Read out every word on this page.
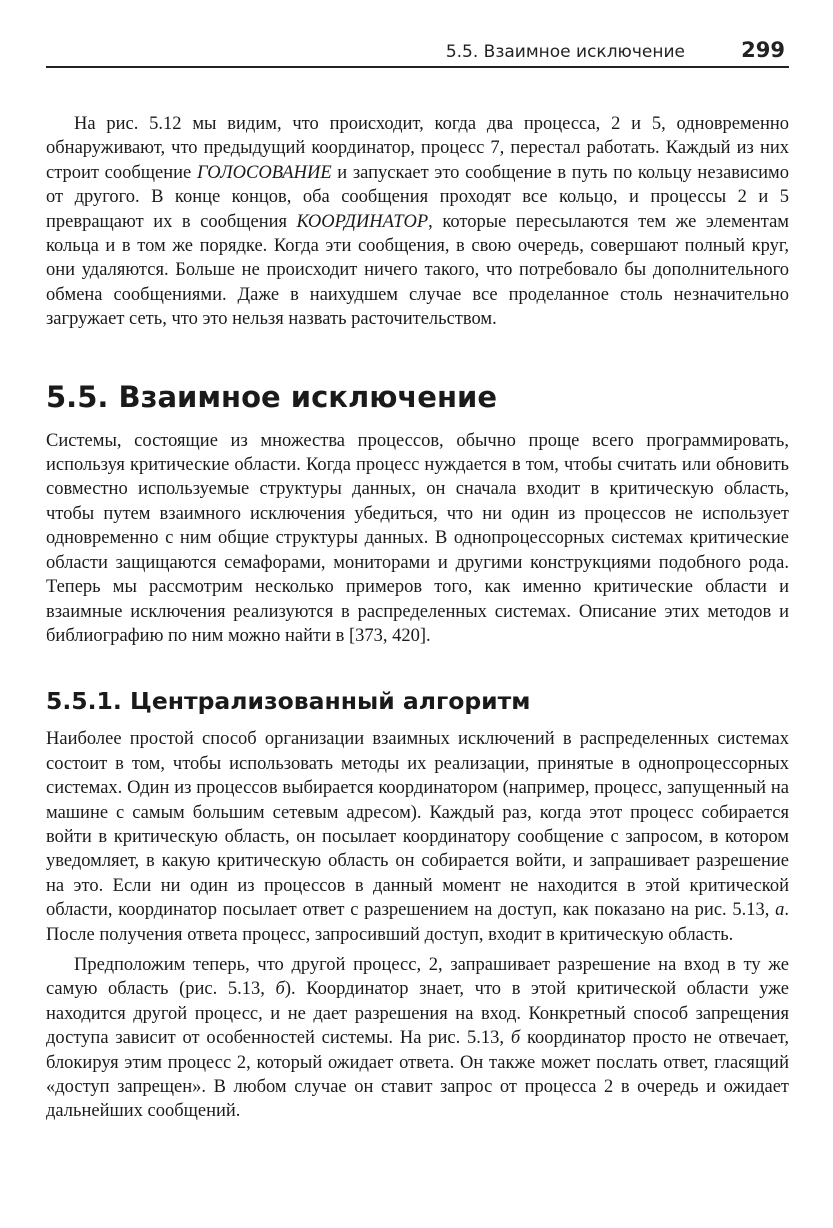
5.5. Взаимное исключение	299

На рис. 5.12 мы видим, что происходит, когда два процесса, 2 и 5, одновременно обнаруживают, что предыдущий координатор, процесс 7, перестал работать. Каждый из них строит сообщение ГОЛОСОВАНИЕ и запускает это сообщение в путь по кольцу независимо от другого. В конце концов, оба сообщения проходят все кольцо, и процессы 2 и 5 превращают их в сообщения КООРДИНАТОР, которые пересылаются тем же элементам кольца и в том же порядке. Когда эти сообщения, в свою очередь, совершают полный круг, они удаляются. Больше не происходит ничего такого, что потребовало бы дополнительного обмена сообщениями. Даже в наихудшем случае все проделанное столь незначительно загружает сеть, что это нельзя назвать расточительством.

5.5. Взаимное исключение

Системы, состоящие из множества процессов, обычно проще всего программировать, используя критические области. Когда процесс нуждается в том, чтобы считать или обновить совместно используемые структуры данных, он сначала входит в критическую область, чтобы путем взаимного исключения убедиться, что ни один из процессов не использует одновременно с ним общие структуры данных. В однопроцессорных системах критические области защищаются семафорами, мониторами и другими конструкциями подобного рода. Теперь мы рассмотрим несколько примеров того, как именно критические области и взаимные исключения реализуются в распределенных системах. Описание этих методов и библиографию по ним можно найти в [373, 420].

5.5.1. Централизованный алгоритм

Наиболее простой способ организации взаимных исключений в распределенных системах состоит в том, чтобы использовать методы их реализации, принятые в однопроцессорных системах. Один из процессов выбирается координатором (например, процесс, запущенный на машине с самым большим сетевым адресом). Каждый раз, когда этот процесс собирается войти в критическую область, он посылает координатору сообщение с запросом, в котором уведомляет, в какую критическую область он собирается войти, и запрашивает разрешение на это. Если ни один из процессов в данный момент не находится в этой критической области, координатор посылает ответ с разрешением на доступ, как показано на рис. 5.13, а. После получения ответа процесс, запросивший доступ, входит в критическую область.

Предположим теперь, что другой процесс, 2, запрашивает разрешение на вход в ту же самую область (рис. 5.13, б). Координатор знает, что в этой критической области уже находится другой процесс, и не дает разрешения на вход. Конкретный способ запрещения доступа зависит от особенностей системы. На рис. 5.13, б координатор просто не отвечает, блокируя этим процесс 2, который ожидает ответа. Он также может послать ответ, гласящий «доступ запрещен». В любом случае он ставит запрос от процесса 2 в очередь и ожидает дальнейших сообщений.
